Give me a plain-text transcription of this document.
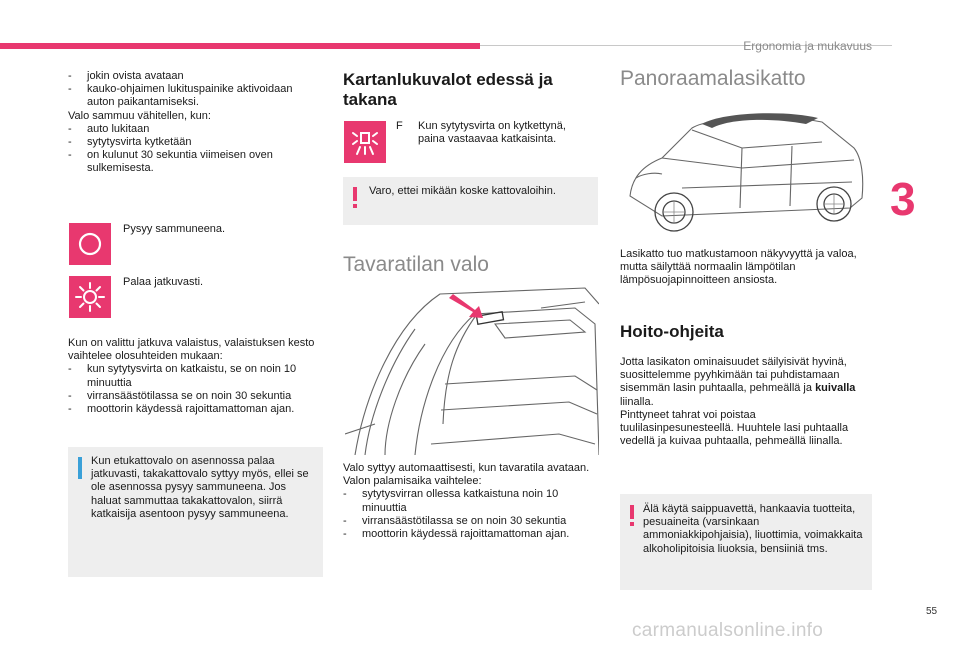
Ergonomia ja mukavuus
3
- jokin ovista avataan
- kauko-ohjaimen lukituspainike aktivoidaan auton paikantamiseksi.
Valo sammuu vähitellen, kun:
- auto lukitaan
- sytytysvirta kytketään
- on kulunut 30 sekuntia viimeisen oven sulkemisesta.
Pysyy sammuneena.
Palaa jatkuvasti.
Kun on valittu jatkuva valaistus, valaistuksen kesto vaihtelee olosuhteiden mukaan:
- kun sytytysvirta on katkaistu, se on noin 10 minuuttia
- virransäästötilassa se on noin 30 sekuntia
- moottorin käydessä rajoittamattoman ajan.
Kun etukattovalo on asennossa palaa jatkuvasti, takakattovalo syttyy myös, ellei se ole asennossa pysyy sammuneena. Jos haluat sammuttaa takakattovalon, siirrä katkaisija asentoon pysyy sammuneena.
Kartanlukuvalot edessä ja takana
F Kun sytytysvirta on kytkettynä, paina vastaavaa katkaisinta.
Varo, ettei mikään koske kattovaloihin.
Tavaratilan valo
Valo syttyy automaattisesti, kun tavaratila avataan.
Valon palamisaika vaihtelee:
- sytytysvirran ollessa katkaistuna noin 10 minuuttia
- virransäästötilassa se on noin 30 sekuntia
- moottorin käydessä rajoittamattoman ajan.
Panoraamalasikatto
Lasikatto tuo matkustamoon näkyvyyttä ja valoa, mutta säilyttää normaalin lämpötilan lämpösuojapinnoitteen ansiosta.
Hoito-ohjeita
Jotta lasikaton ominaisuudet säilyisivät hyvinä, suosittelemme pyyhkimään tai puhdistamaan sisemmän lasin puhtaalla, pehmeällä ja kuivalla liinalla.
Pinttyneet tahrat voi poistaa tuulilasinpesunesteellä. Huuhtele lasi puhtaalla vedellä ja kuivaa puhtaalla, pehmeällä liinalla.
Älä käytä saippuavettä, hankaavia tuotteita, pesuaineita (varsinkaan ammoniakkipohjaisia), liuottimia, voimakkaita alkoholipitoisia liuoksia, bensiiniä tms.
55
carmanualsonline.info
